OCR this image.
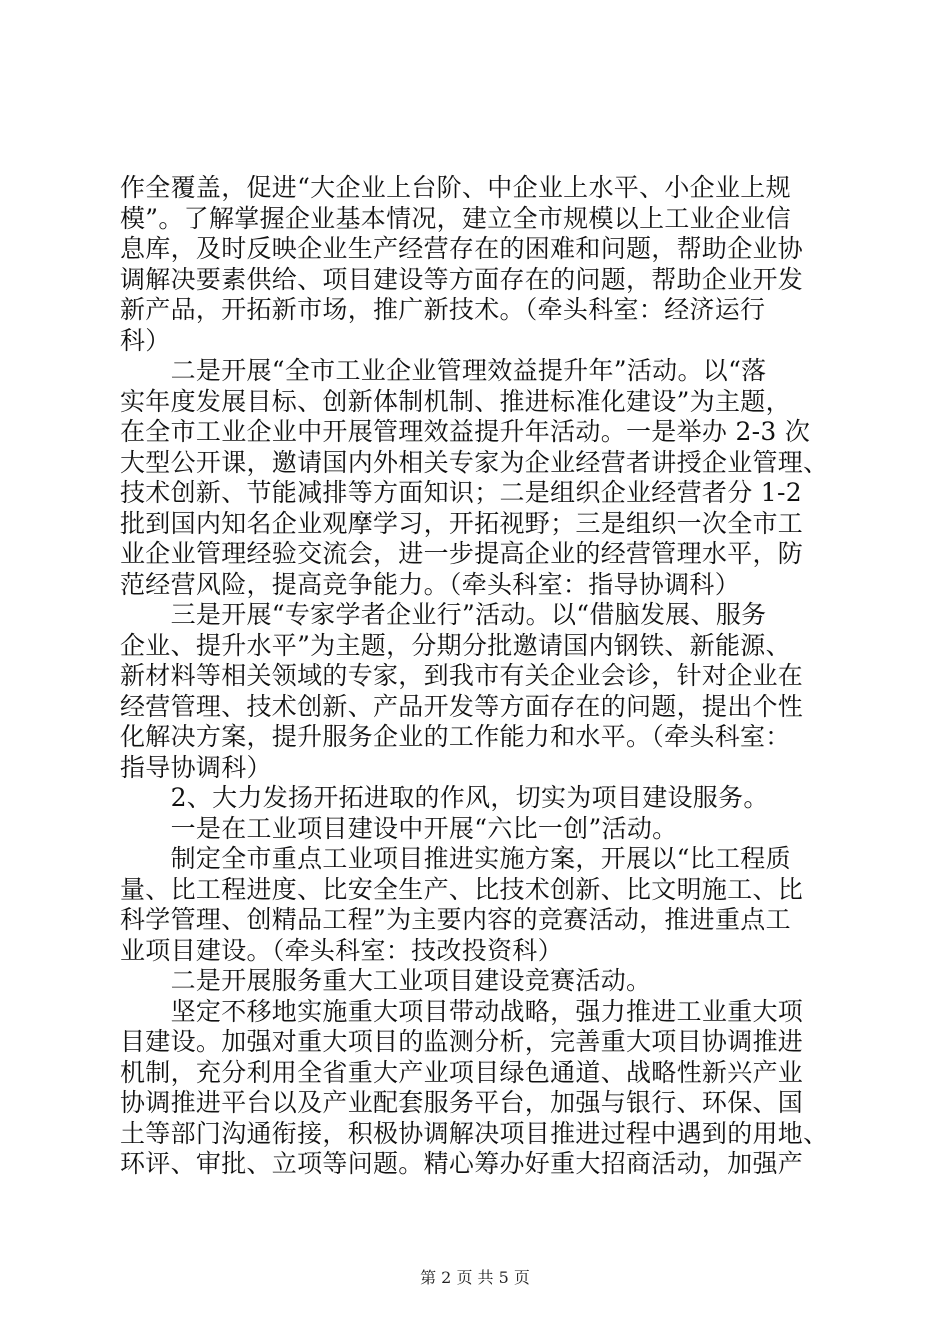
作全覆盖，促进“大企业上台阶、中企业上水平、小企业上规
模”。了解掌握企业基本情况，建立全市规模以上工业企业信
息库，及时反映企业生产经营存在的困难和问题，帮助企业协
调解决要素供给、项目建设等方面存在的问题，帮助企业开发
新产品，开拓新市场，推广新技术。（牵头科室：经济运行
科）
　　二是开展“全市工业企业管理效益提升年”活动。以“落
实年度发展目标、创新体制机制、推进标准化建设”为主题，
在全市工业企业中开展管理效益提升年活动。一是举办 2-3 次
大型公开课，邀请国内外相关专家为企业经营者讲授企业管理、
技术创新、节能减排等方面知识；二是组织企业经营者分 1-2
批到国内知名企业观摩学习，开拓视野；三是组织一次全市工
业企业管理经验交流会，进一步提高企业的经营管理水平，防
范经营风险，提高竞争能力。（牵头科室：指导协调科）
　　三是开展“专家学者企业行”活动。以“借脑发展、服务
企业、提升水平”为主题，分期分批邀请国内钢铁、新能源、
新材料等相关领域的专家，到我市有关企业会诊，针对企业在
经营管理、技术创新、产品开发等方面存在的问题，提出个性
化解决方案，提升服务企业的工作能力和水平。（牵头科室：
指导协调科）
　　2、大力发扬开拓进取的作风，切实为项目建设服务。
　　一是在工业项目建设中开展“六比一创”活动。
　　制定全市重点工业项目推进实施方案，开展以“比工程质
量、比工程进度、比安全生产、比技术创新、比文明施工、比
科学管理、创精品工程”为主要内容的竞赛活动，推进重点工
业项目建设。（牵头科室：技改投资科）
　　二是开展服务重大工业项目建设竞赛活动。
　　坚定不移地实施重大项目带动战略，强力推进工业重大项
目建设。加强对重大项目的监测分析，完善重大项目协调推进
机制，充分利用全省重大产业项目绿色通道、战略性新兴产业
协调推进平台以及产业配套服务平台，加强与银行、环保、国
土等部门沟通衔接，积极协调解决项目推进过程中遇到的用地、
环评、审批、立项等问题。精心筹办好重大招商活动，加强产
第 2 页 共 5 页
